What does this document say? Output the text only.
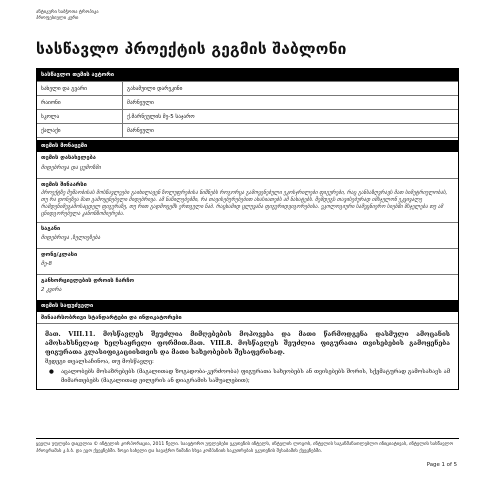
ანტიკური საბჭოთა ტროპიკა
პროფესიული კური
სასწავლო პროექტის გეგმის შაბლონი
სასწავლო თემის ავტორი
სახელი და გვარი	გახამუილი დარეკინი
რაიონი	მარნეული
სკოლა	ქ.მარნეულის მე-5 საჯარო
ქალაქი	მარნეული
თემის მონაცემი
თემის დასახელება
მიდებრივა და ცუმოზმი
თემის შინაარსი
პროექტზე მუშაობისას მოსწავლეები გაიხილავენ ზოლუფრებისა ნიშნებს როგორცა გამოყენებული ეკოსჯრილები ფიგურები, რაც განსაზღვრავს მათ სიმეტრიულობას, თუ რა დონეზეა მათ გამოყენებელი მიდებრივა. ამ ნაწილებებში, რა თავისებურებებით ახასიათებს ამ ნახატებს. შემდეგს თავისებურად იმსჯელონ ეკვივალე რამდენიმეგამოსაცდელ ფიგურაზე, თუ რით გადმოცემს ერთგული ნაბ. რაცხამიდ ცლუვანა ფიგურიდვიგორებისა. ეკოლოგიური სამეცნიერო სიებში მსჯელება თუ ამ ცნიდგორებულა კანონზომიერება.
საგანი
მიდებრივა ,ზელიეზება
დონე/კლასი
მე-8
განხორციელების დროის ჩარჩო
2 კვირა
თემის საფუძველი
შინაარსობრივი სტანდარტები და ინდიკატორები
მათ. VIII.11. მოსწავლეს შეუძლია მიმღებების მოპოვება და მათი წარმოდგენა დასმული ამოცანის ამოსახსნელად ხელსაყრელი ფორმით.მათ. VIII.8. მოსწავლეს შეუძლია ფიგურათა თვისებების გამოყენება ფიგურათა კლასიფიკაციისთვის და მათი სახეობების შესაფერისად.
შედეგი თვალსაჩინოა, თუ მოსწავლე:
●	აცალობებს მოსაზრებებს (მაგალითად ზოგადობა-კერძოობა) ფიგურათა სახეობებს ან თვისებებს შორის, სქემატურად გამოსახავს ამ მიმართებებს (მაგალითად ეილერის ან დიაგრამის საშუალებით);
ყველა უფლება დაცულია © ინტელის კორპორაცია, 2011 წელი. საავტორო უფლებები ეკუთვნის ინტელს, ინტელის ლოგოს, ინტელის საგანმანათლებლო ინიციატივას, ინტელის სასწავლო პროგრამას კ.ბ.ბ. და ეგო ქვეყნებში. ზოგი სახელი და სავაჭრო ნიშანი სხვა კომპანიის საკუთრებას ეკუთვნის შესაბამის ქვეყნებში.
Page 1 of 5
